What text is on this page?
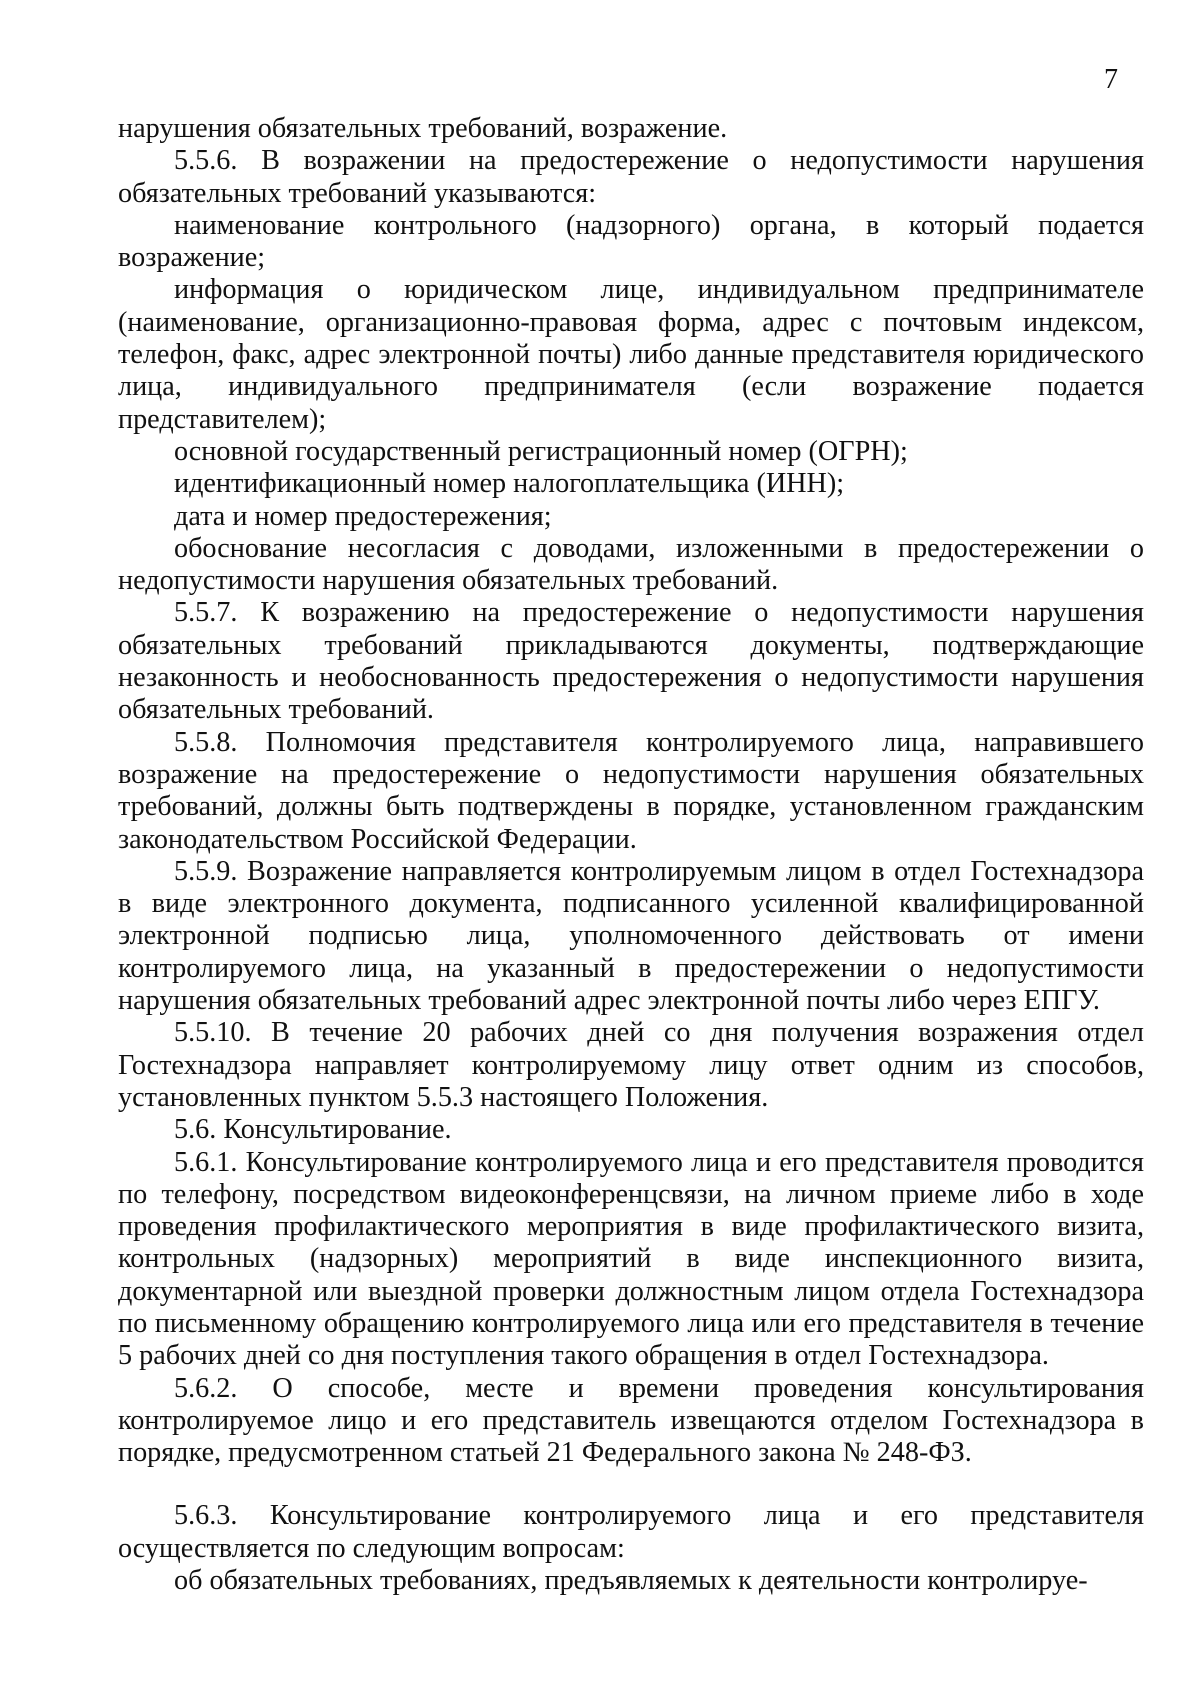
7

нарушения обязательных требований, возражение.

5.5.6. В возражении на предостережение о недопустимости нарушения обязательных требований указываются:

наименование контрольного (надзорного) органа, в который подается возражение;

информация о юридическом лице, индивидуальном предпринимателе (наименование, организационно-правовая форма, адрес с почтовым индексом, телефон, факс, адрес электронной почты) либо данные представителя юридического лица, индивидуального предпринимателя (если возражение подается представителем);

основной государственный регистрационный номер (ОГРН);

идентификационный номер налогоплательщика (ИНН);

дата и номер предостережения;

обоснование несогласия с доводами, изложенными в предостережении о недопустимости нарушения обязательных требований.

5.5.7. К возражению на предостережение о недопустимости нарушения обязательных требований прикладываются документы, подтверждающие незаконность и необоснованность предостережения о недопустимости нарушения обязательных требований.

5.5.8. Полномочия представителя контролируемого лица, направившего возражение на предостережение о недопустимости нарушения обязательных требований, должны быть подтверждены в порядке, установленном гражданским законодательством Российской Федерации.

5.5.9. Возражение направляется контролируемым лицом в отдел Гостехнадзора в виде электронного документа, подписанного усиленной квалифицированной электронной подписью лица, уполномоченного действовать от имени контролируемого лица, на указанный в предостережении о недопустимости нарушения обязательных требований адрес электронной почты либо через ЕПГУ.

5.5.10. В течение 20 рабочих дней со дня получения возражения отдел Гостехнадзора направляет контролируемому лицу ответ одним из способов, установленных пунктом 5.5.3 настоящего Положения.

5.6. Консультирование.

5.6.1. Консультирование контролируемого лица и его представителя проводится по телефону, посредством видеоконференцсвязи, на личном приеме либо в ходе проведения профилактического мероприятия в виде профилактического визита, контрольных (надзорных) мероприятий в виде инспекционного визита, документарной или выездной проверки должностным лицом отдела Гостехнадзора по письменному обращению контролируемого лица или его представителя в течение 5 рабочих дней со дня поступления такого обращения в отдел Гостехнадзора.

5.6.2. О способе, месте и времени проведения консультирования контролируемое лицо и его представитель извещаются отделом Гостехнадзора в порядке, предусмотренном статьей 21 Федерального закона № 248-ФЗ.

5.6.3. Консультирование контролируемого лица и его представителя осуществляется по следующим вопросам:

об обязательных требованиях, предъявляемых к деятельности контролируе-
